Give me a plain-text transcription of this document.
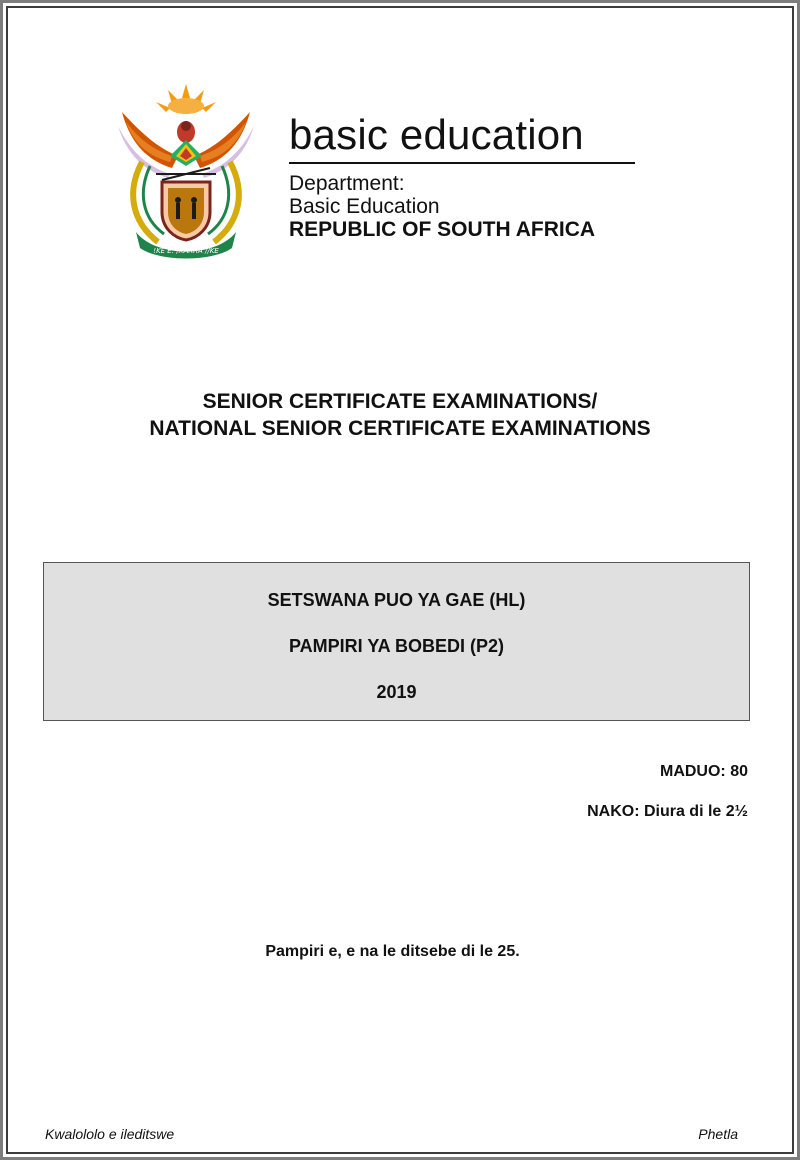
!KE E: /XARRA //KE
basic education
Department:
Basic Education
REPUBLIC OF SOUTH AFRICA
SENIOR CERTIFICATE EXAMINATIONS/
NATIONAL SENIOR CERTIFICATE EXAMINATIONS
SETSWANA PUO YA GAE (HL)
PAMPIRI YA BOBEDI (P2)
2019
MADUO: 80
NAKO: Diura di le 2½
Pampiri e, e na le ditsebe di le 25.
Kwalololo e ileditswe	Phetla
